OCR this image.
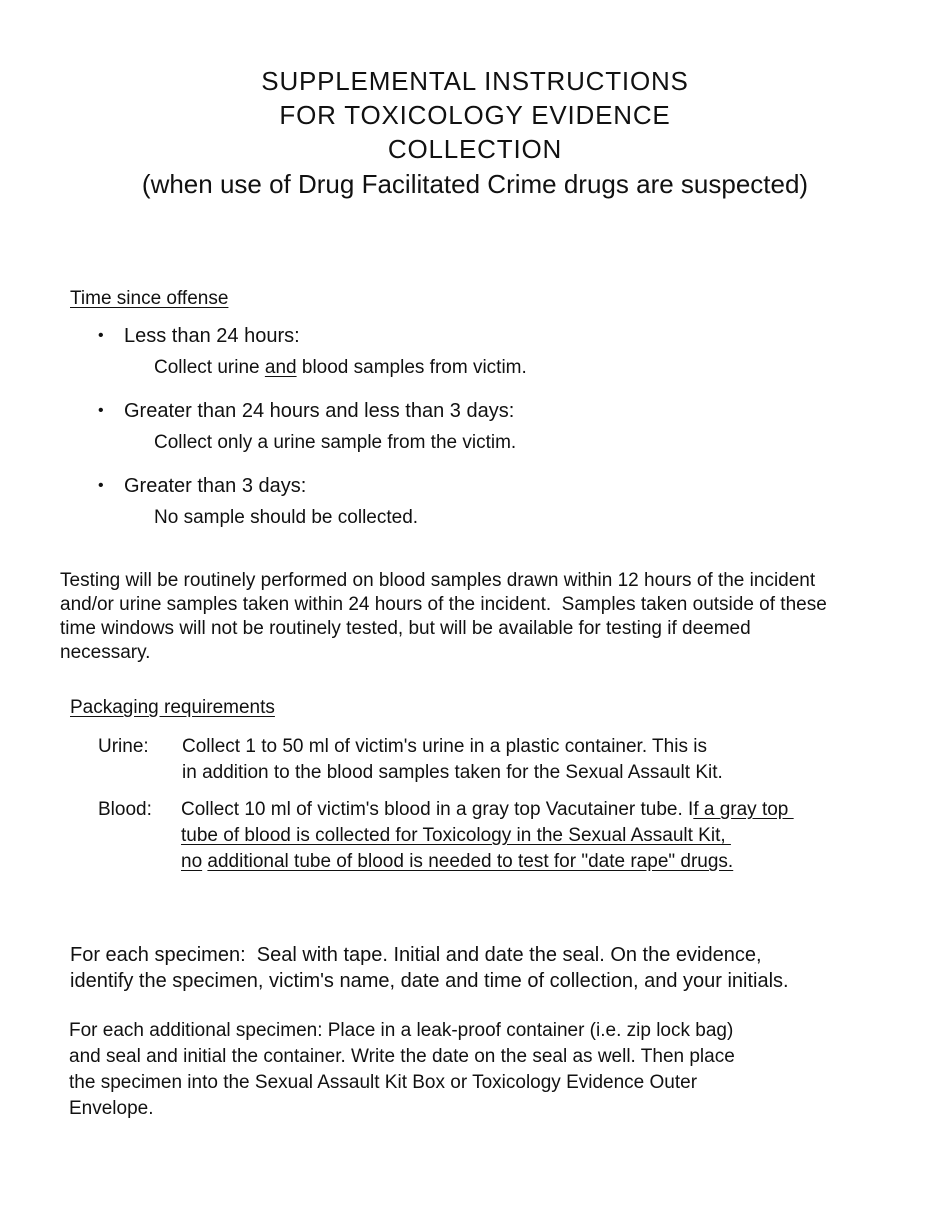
SUPPLEMENTAL INSTRUCTIONS
FOR TOXICOLOGY EVIDENCE
COLLECTION
(when use of Drug Facilitated Crime drugs are suspected)
Time since offense
• Less than 24 hours:
Collect urine and blood samples from victim.
• Greater than 24 hours and less than 3 days:
Collect only a urine sample from the victim.
• Greater than 3 days:
No sample should be collected.
Testing will be routinely performed on blood samples drawn within 12 hours of the incident
and/or urine samples taken within 24 hours of the incident.  Samples taken outside of these
time windows will not be routinely tested, but will be available for testing if deemed
necessary.
Packaging requirements
Urine: Collect 1 to 50 ml of victim's urine in a plastic container. This is
in addition to the blood samples taken for the Sexual Assault Kit.
Blood: Collect 10 ml of victim's blood in a gray top Vacutainer tube. If a gray top
tube of blood is collected for Toxicology in the Sexual Assault Kit,
no additional tube of blood is needed to test for "date rape" drugs.
For each specimen:  Seal with tape. Initial and date the seal. On the evidence,
identify the specimen, victim's name, date and time of collection, and your initials.
For each additional specimen: Place in a leak-proof container (i.e. zip lock bag)
and seal and initial the container. Write the date on the seal as well. Then place
the specimen into the Sexual Assault Kit Box or Toxicology Evidence Outer
Envelope.
